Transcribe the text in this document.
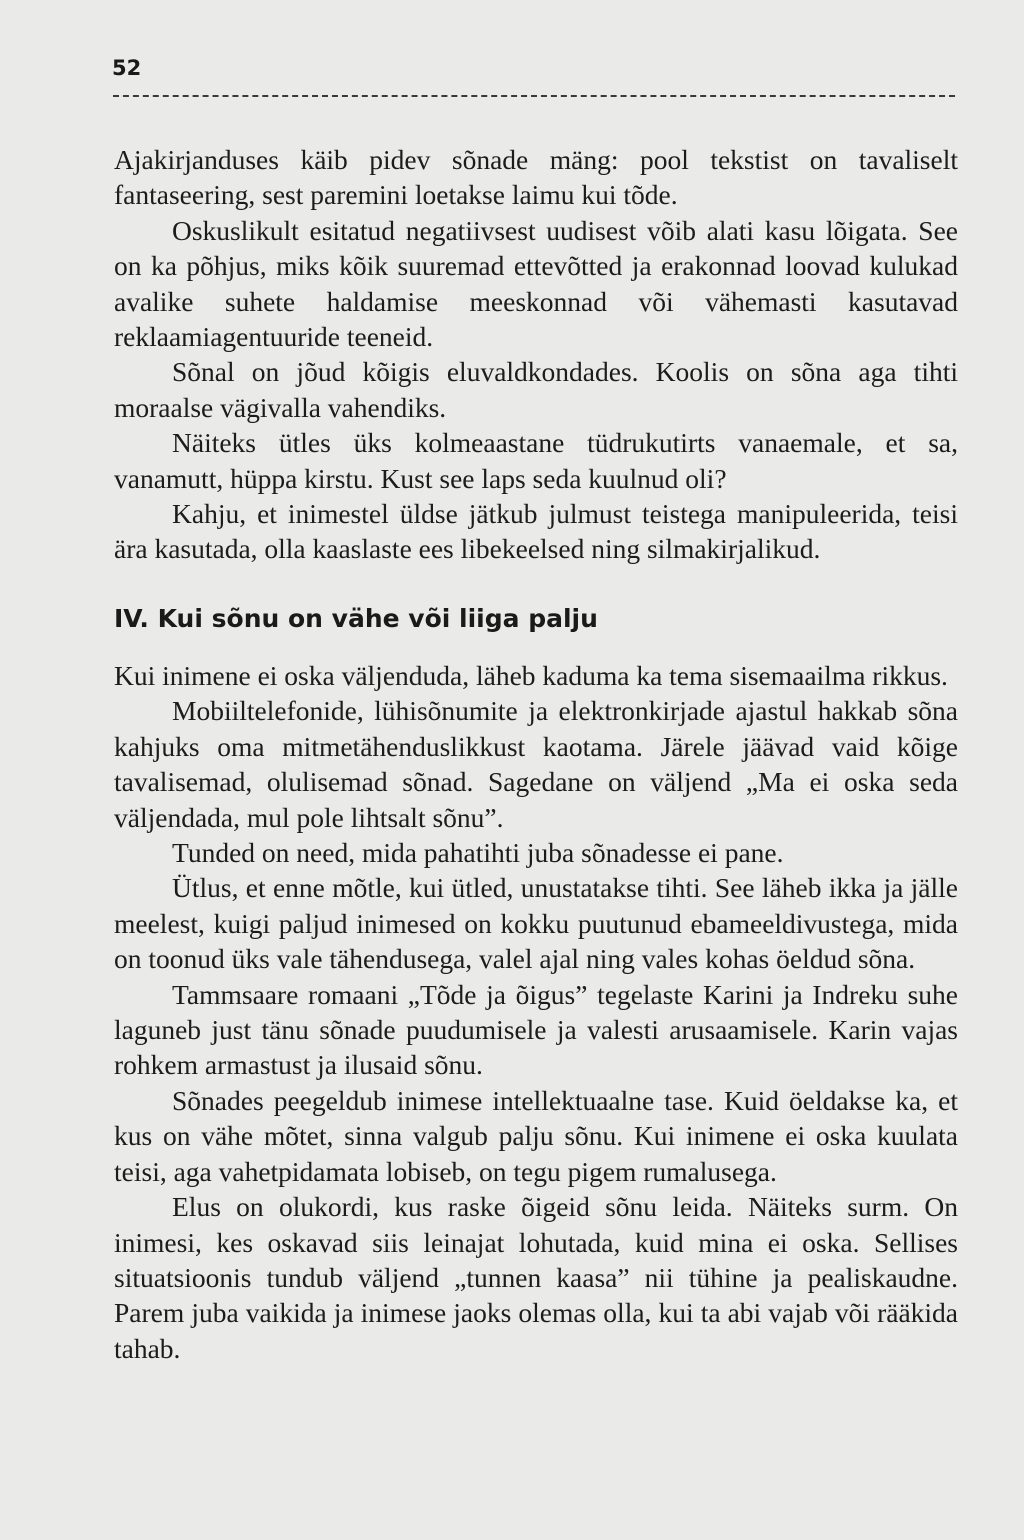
52

Ajakirjanduses käib pidev sõnade mäng: pool tekstist on tavaliselt fantaseering, sest paremini loetakse laimu kui tõde.

Oskuslikult esitatud negatiivsest uudisest võib alati kasu lõigata. See on ka põhjus, miks kõik suuremad ettevõtted ja erakonnad loovad kulukad avalike suhete haldamise meeskonnad või vähemasti kasutavad reklaamiagentuuride teeneid.

Sõnal on jõud kõigis eluvaldkondades. Koolis on sõna aga tihti moraalse vägivalla vahendiks.

Näiteks ütles üks kolmeaastane tüdrukutirts vanaemale, et sa, vanamutt, hüppa kirstu. Kust see laps seda kuulnud oli?

Kahju, et inimestel üldse jätkub julmust teistega manipuleerida, teisi ära kasutada, olla kaaslaste ees libekeelsed ning silmakirjalikud.

IV. Kui sõnu on vähe või liiga palju

Kui inimene ei oska väljenduda, läheb kaduma ka tema sisemaailma rikkus.

Mobiiltelefonide, lühisõnumite ja elektronkirjade ajastul hakkab sõna kahjuks oma mitmetähenduslikkust kaotama. Järele jäävad vaid kõige tavalisemad, olulisemad sõnad. Sagedane on väljend „Ma ei oska seda väljendada, mul pole lihtsalt sõnu”.

Tunded on need, mida pahatihti juba sõnadesse ei pane.

Ütlus, et enne mõtle, kui ütled, unustatakse tihti. See läheb ikka ja jälle meelest, kuigi paljud inimesed on kokku puutunud ebameeldivustega, mida on toonud üks vale tähendusega, valel ajal ning vales kohas öeldud sõna.

Tammsaare romaani „Tõde ja õigus” tegelaste Karini ja Indreku suhe laguneb just tänu sõnade puudumisele ja valesti arusaamisele. Karin vajas rohkem armastust ja ilusaid sõnu.

Sõnades peegeldub inimese intellektuaalne tase. Kuid öeldakse ka, et kus on vähe mõtet, sinna valgub palju sõnu. Kui inimene ei oska kuulata teisi, aga vahetpidamata lobiseb, on tegu pigem rumalusega.

Elus on olukordi, kus raske õigeid sõnu leida. Näiteks surm. On inimesi, kes oskavad siis leinajat lohutada, kuid mina ei oska. Sellises situatsioonis tundub väljend „tunnen kaasa” nii tühine ja pealiskaudne. Parem juba vaikida ja inimese jaoks olemas olla, kui ta abi vajab või rääkida tahab.
